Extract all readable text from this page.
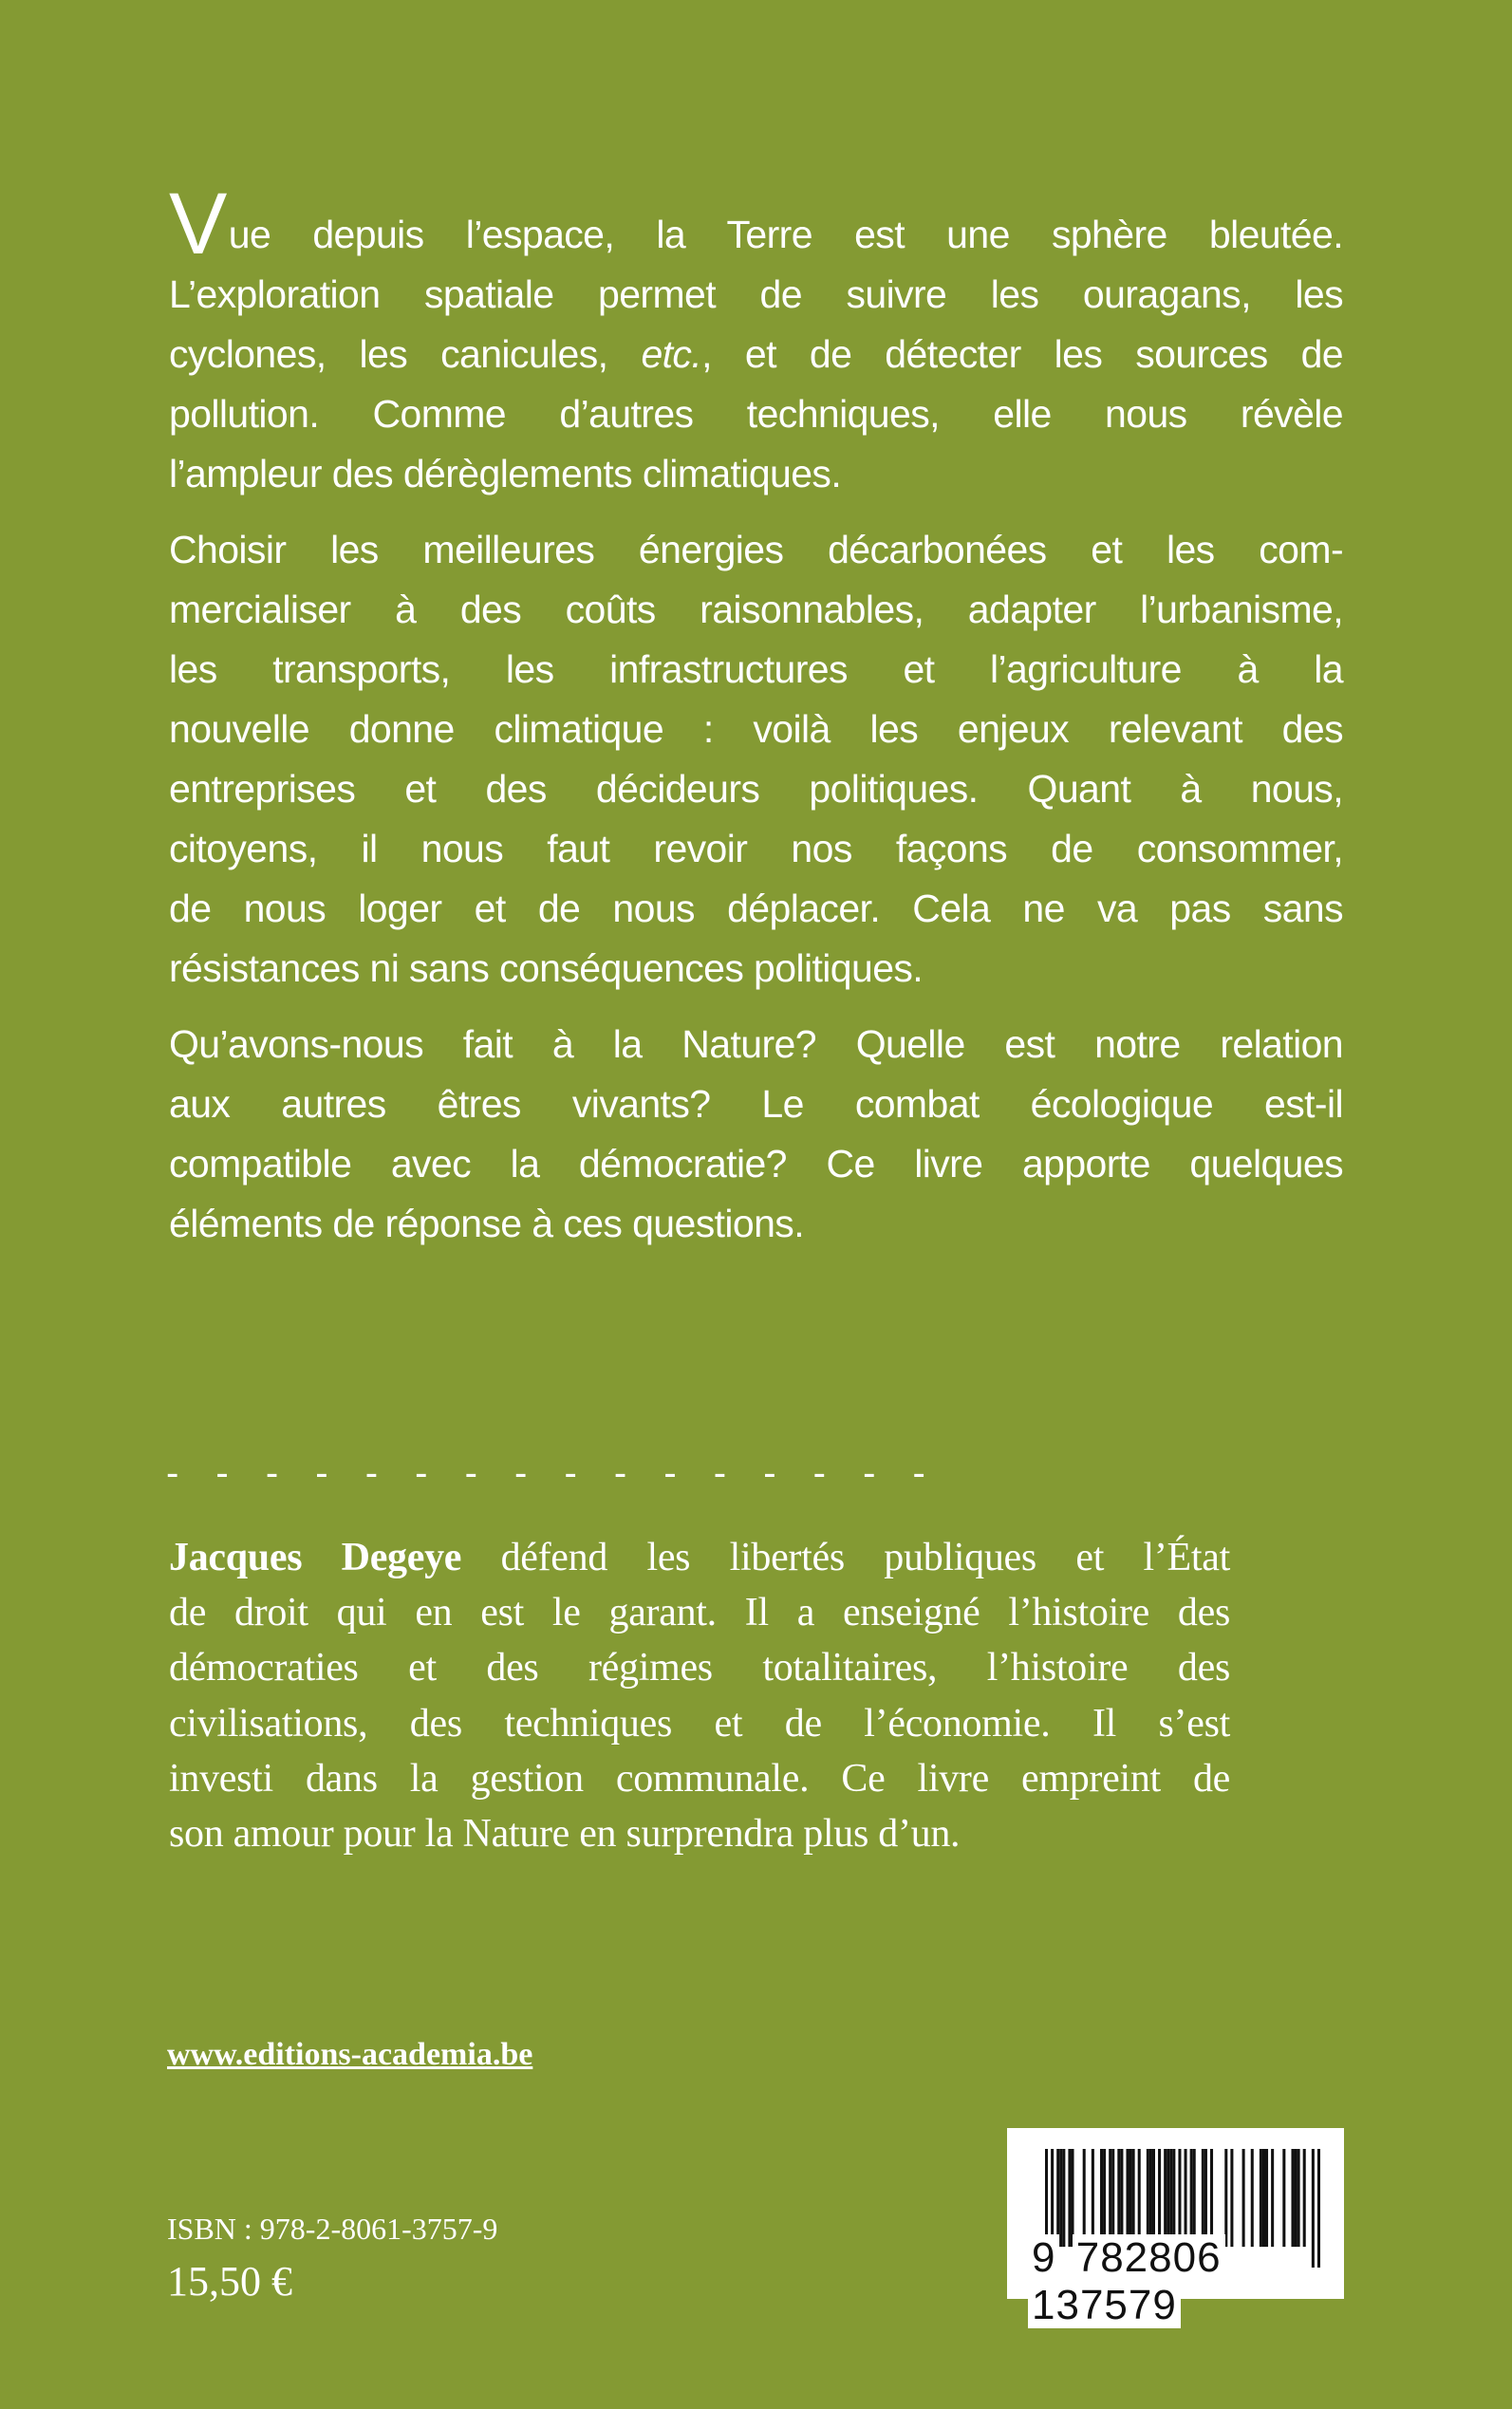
Vue depuis l’espace, la Terre est une sphère bleutée.
L’exploration spatiale permet de suivre les ouragans, les
cyclones, les canicules, etc., et de détecter les sources de
pollution. Comme d’autres techniques, elle nous révèle
l’ampleur des dérèglements climatiques.
Choisir les meilleures énergies décarbonées et les com-
mercialiser à des coûts raisonnables, adapter l’urbanisme,
les transports, les infrastructures et l’agriculture à la
nouvelle donne climatique : voilà les enjeux relevant des
entreprises et des décideurs politiques. Quant à nous,
citoyens, il nous faut revoir nos façons de consommer,
de nous loger et de nous déplacer. Cela ne va pas sans
résistances ni sans conséquences politiques.
Qu’avons-nous fait à la Nature? Quelle est notre relation
aux autres êtres vivants? Le combat écologique est-il
compatible avec la démocratie? Ce livre apporte quelques
éléments de réponse à ces questions.
- - - - - - - - - - - - - - - -
Jacques Degeye défend les libertés publiques et l’État
de droit qui en est le garant. Il a enseigné l’histoire des
démocraties et des régimes totalitaires, l’histoire des
civilisations, des techniques et de l’économie. Il s’est
investi dans la gestion communale. Ce livre empreint de
son amour pour la Nature en surprendra plus d’un.
www.editions-academia.be
ISBN : 978-2-8061-3757-9
15,50 €
9 782806 137579
